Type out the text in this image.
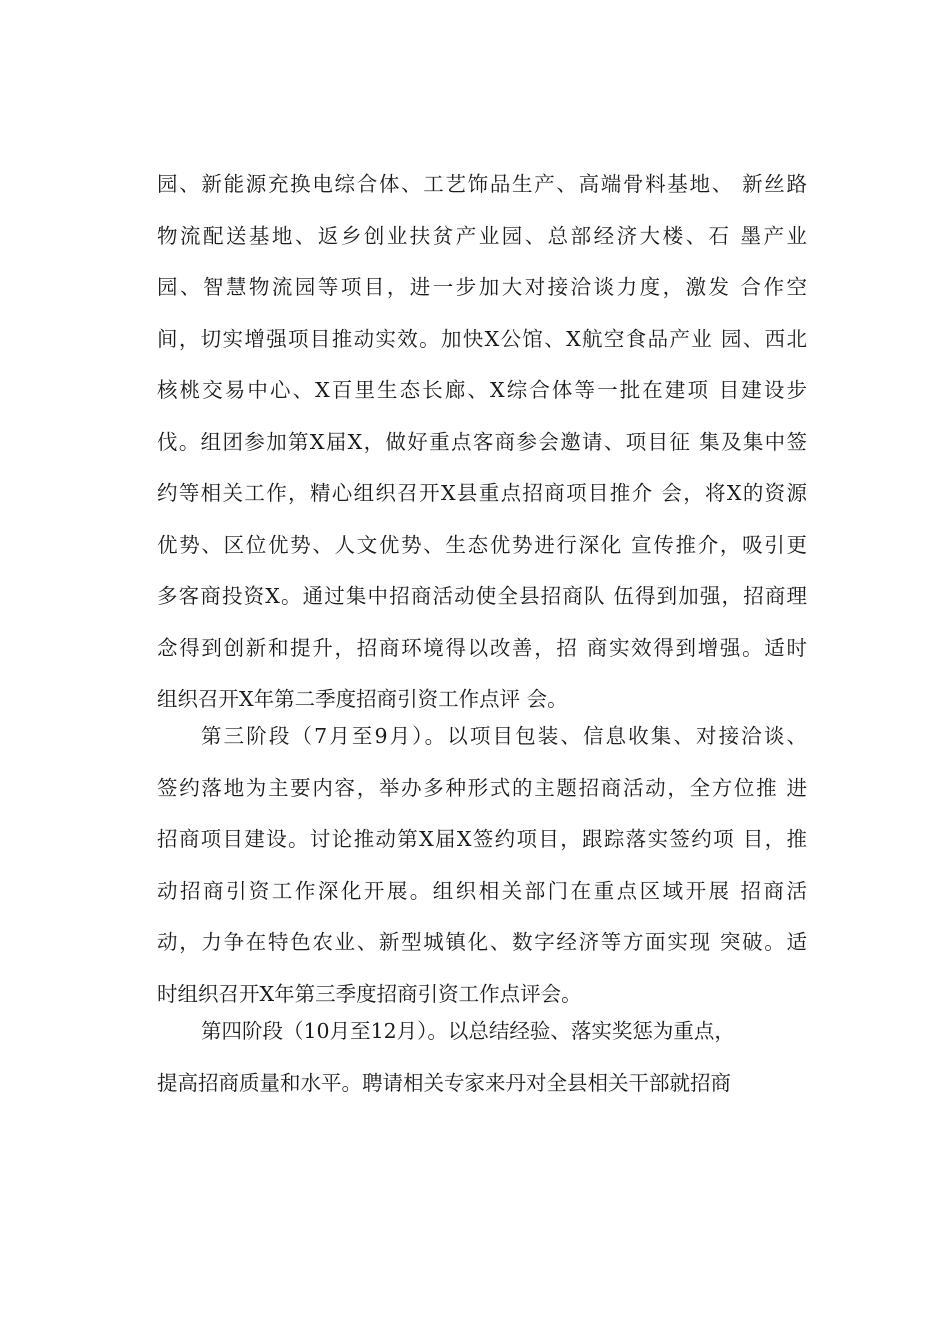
园、新能源充换电综合体、工艺饰品生产、高端骨料基地、 新丝路
物流配送基地、返乡创业扶贫产业园、总部经济大楼、石 墨产业
园、智慧物流园等项目，进一步加大对接洽谈力度，激发 合作空
间，切实增强项目推动实效。加快X公馆、X航空食品产业 园、西北
核桃交易中心、X百里生态长廊、X综合体等一批在建项 目建设步
伐。组团参加第X届X，做好重点客商参会邀请、项目征 集及集中签
约等相关工作，精心组织召开X县重点招商项目推介 会，将X的资源
优势、区位优势、人文优势、生态优势进行深化 宣传推介，吸引更
多客商投资X。通过集中招商活动使全县招商队 伍得到加强，招商理
念得到创新和提升，招商环境得以改善，招 商实效得到增强。适时
组织召开X年第二季度招商引资工作点评 会。
第三阶段（7月至9月）。以项目包装、信息收集、对接洽谈、
签约落地为主要内容，举办多种形式的主题招商活动，全方位推 进
招商项目建设。讨论推动第X届X签约项目，跟踪落实签约项 目，推
动招商引资工作深化开展。组织相关部门在重点区域开展 招商活
动，力争在特色农业、新型城镇化、数字经济等方面实现 突破。适
时组织召开X年第三季度招商引资工作点评会。
第四阶段（10月至12月）。以总结经验、落实奖惩为重点，
提高招商质量和水平。聘请相关专家来丹对全县相关干部就招商
